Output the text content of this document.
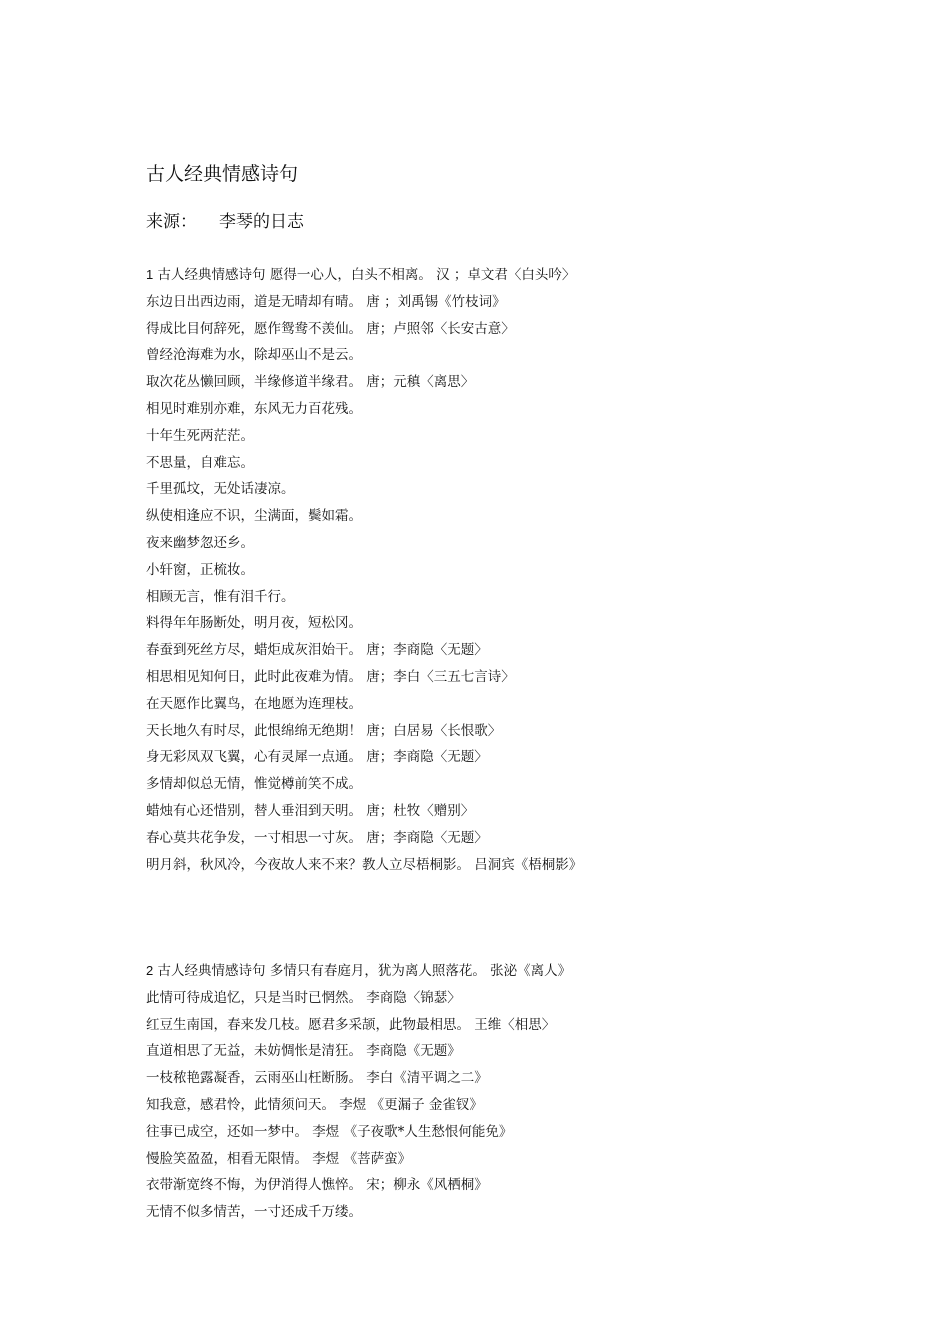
古人经典情感诗句
来源： 李琴的日志
1 古人经典情感诗句 愿得一心人，白头不相离。 汉 ；卓文君〈白头吟〉
东边日出西边雨，道是无晴却有晴。 唐 ；刘禹锡《竹枝词》
得成比目何辞死，愿作鸳鸯不羡仙。 唐；卢照邻〈长安古意〉
曾经沧海难为水，除却巫山不是云。
取次花丛懒回顾，半缘修道半缘君。 唐；元稹〈离思〉
相见时难别亦难，东风无力百花残。
十年生死两茫茫。
不思量，自难忘。
千里孤坟，无处话凄凉。
纵使相逢应不识，尘满面，鬓如霜。
夜来幽梦忽还乡。
小轩窗，正梳妆。
相顾无言，惟有泪千行。
料得年年肠断处，明月夜，短松冈。
春蚕到死丝方尽，蜡炬成灰泪始干。 唐；李商隐〈无题〉
相思相见知何日，此时此夜难为情。 唐；李白〈三五七言诗〉
在天愿作比翼鸟，在地愿为连理枝。
天长地久有时尽，此恨绵绵无绝期！ 唐；白居易〈长恨歌〉
身无彩凤双飞翼，心有灵犀一点通。 唐；李商隐〈无题〉
多情却似总无情，惟觉樽前笑不成。
蜡烛有心还惜别，替人垂泪到天明。 唐；杜牧〈赠别〉
春心莫共花争发，一寸相思一寸灰。 唐；李商隐〈无题〉
明月斜，秋风冷，今夜故人来不来？教人立尽梧桐影。 吕洞宾《梧桐影》
2 古人经典情感诗句 多情只有春庭月，犹为离人照落花。 张泌《离人》
此情可待成追忆，只是当时已惘然。 李商隐〈锦瑟〉
红豆生南国，春来发几枝。愿君多采颉，此物最相思。 王维〈相思〉
直道相思了无益，未妨惆怅是清狂。 李商隐《无题》
一枝秾艳露凝香，云雨巫山枉断肠。 李白《清平调之二》
知我意，感君怜，此情须问天。 李煜 《更漏子 金雀钗》
往事已成空，还如一梦中。 李煜 《子夜歌*人生愁恨何能免》
慢脸笑盈盈，相看无限情。 李煜 《菩萨蛮》
衣带渐宽终不悔，为伊消得人憔悴。 宋；柳永《风栖桐》
无情不似多情苦，一寸还成千万缕。
